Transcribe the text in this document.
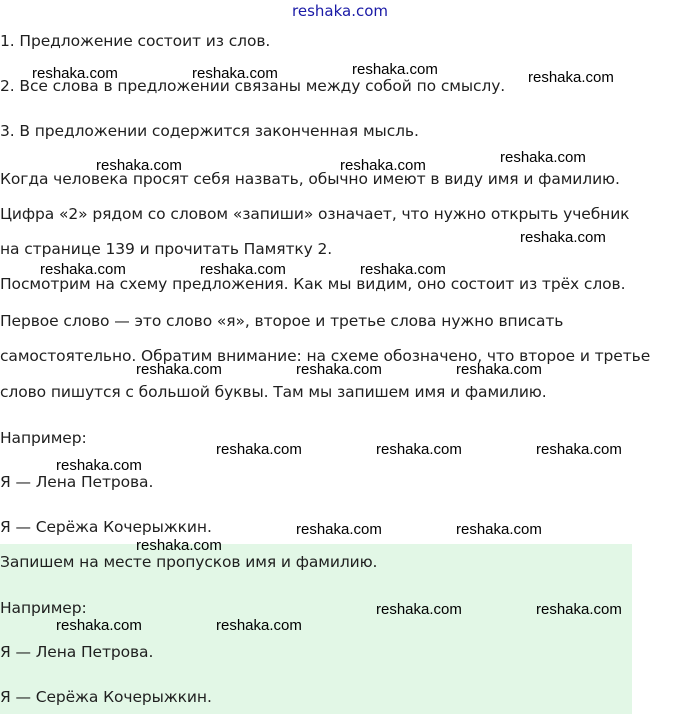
reshaka.com
1. Предложение состоит из слов.
2. Все слова в предложении связаны между собой по смыслу.
3. В предложении содержится законченная мысль.
Когда человека просят себя назвать, обычно имеют в виду имя и фамилию.
Цифра «2» рядом со словом «запиши» означает, что нужно открыть учебник
на странице 139 и прочитать Памятку 2.
Посмотрим на схему предложения. Как мы видим, оно состоит из трёх слов.
Первое слово — это слово «я», второе и третье слова нужно вписать
самостоятельно. Обратим внимание: на схеме обозначено, что второе и третье
слово пишутся с большой буквы. Там мы запишем имя и фамилию.
Например:
Я — Лена Петрова.
Я — Серёжа Кочерыжкин.
Запишем на месте пропусков имя и фамилию.
Например:
Я — Лена Петрова.
Я — Серёжа Кочерыжкин.
reshaka.com	reshaka.com	reshaka.com	reshaka.com
reshaka.com	reshaka.com	reshaka.com
reshaka.com
reshaka.com	reshaka.com	reshaka.com
reshaka.com	reshaka.com	reshaka.com
reshaka.com	reshaka.com	reshaka.com
reshaka.com
reshaka.com	reshaka.com
reshaka.com
reshaka.com	reshaka.com
reshaka.com	reshaka.com
